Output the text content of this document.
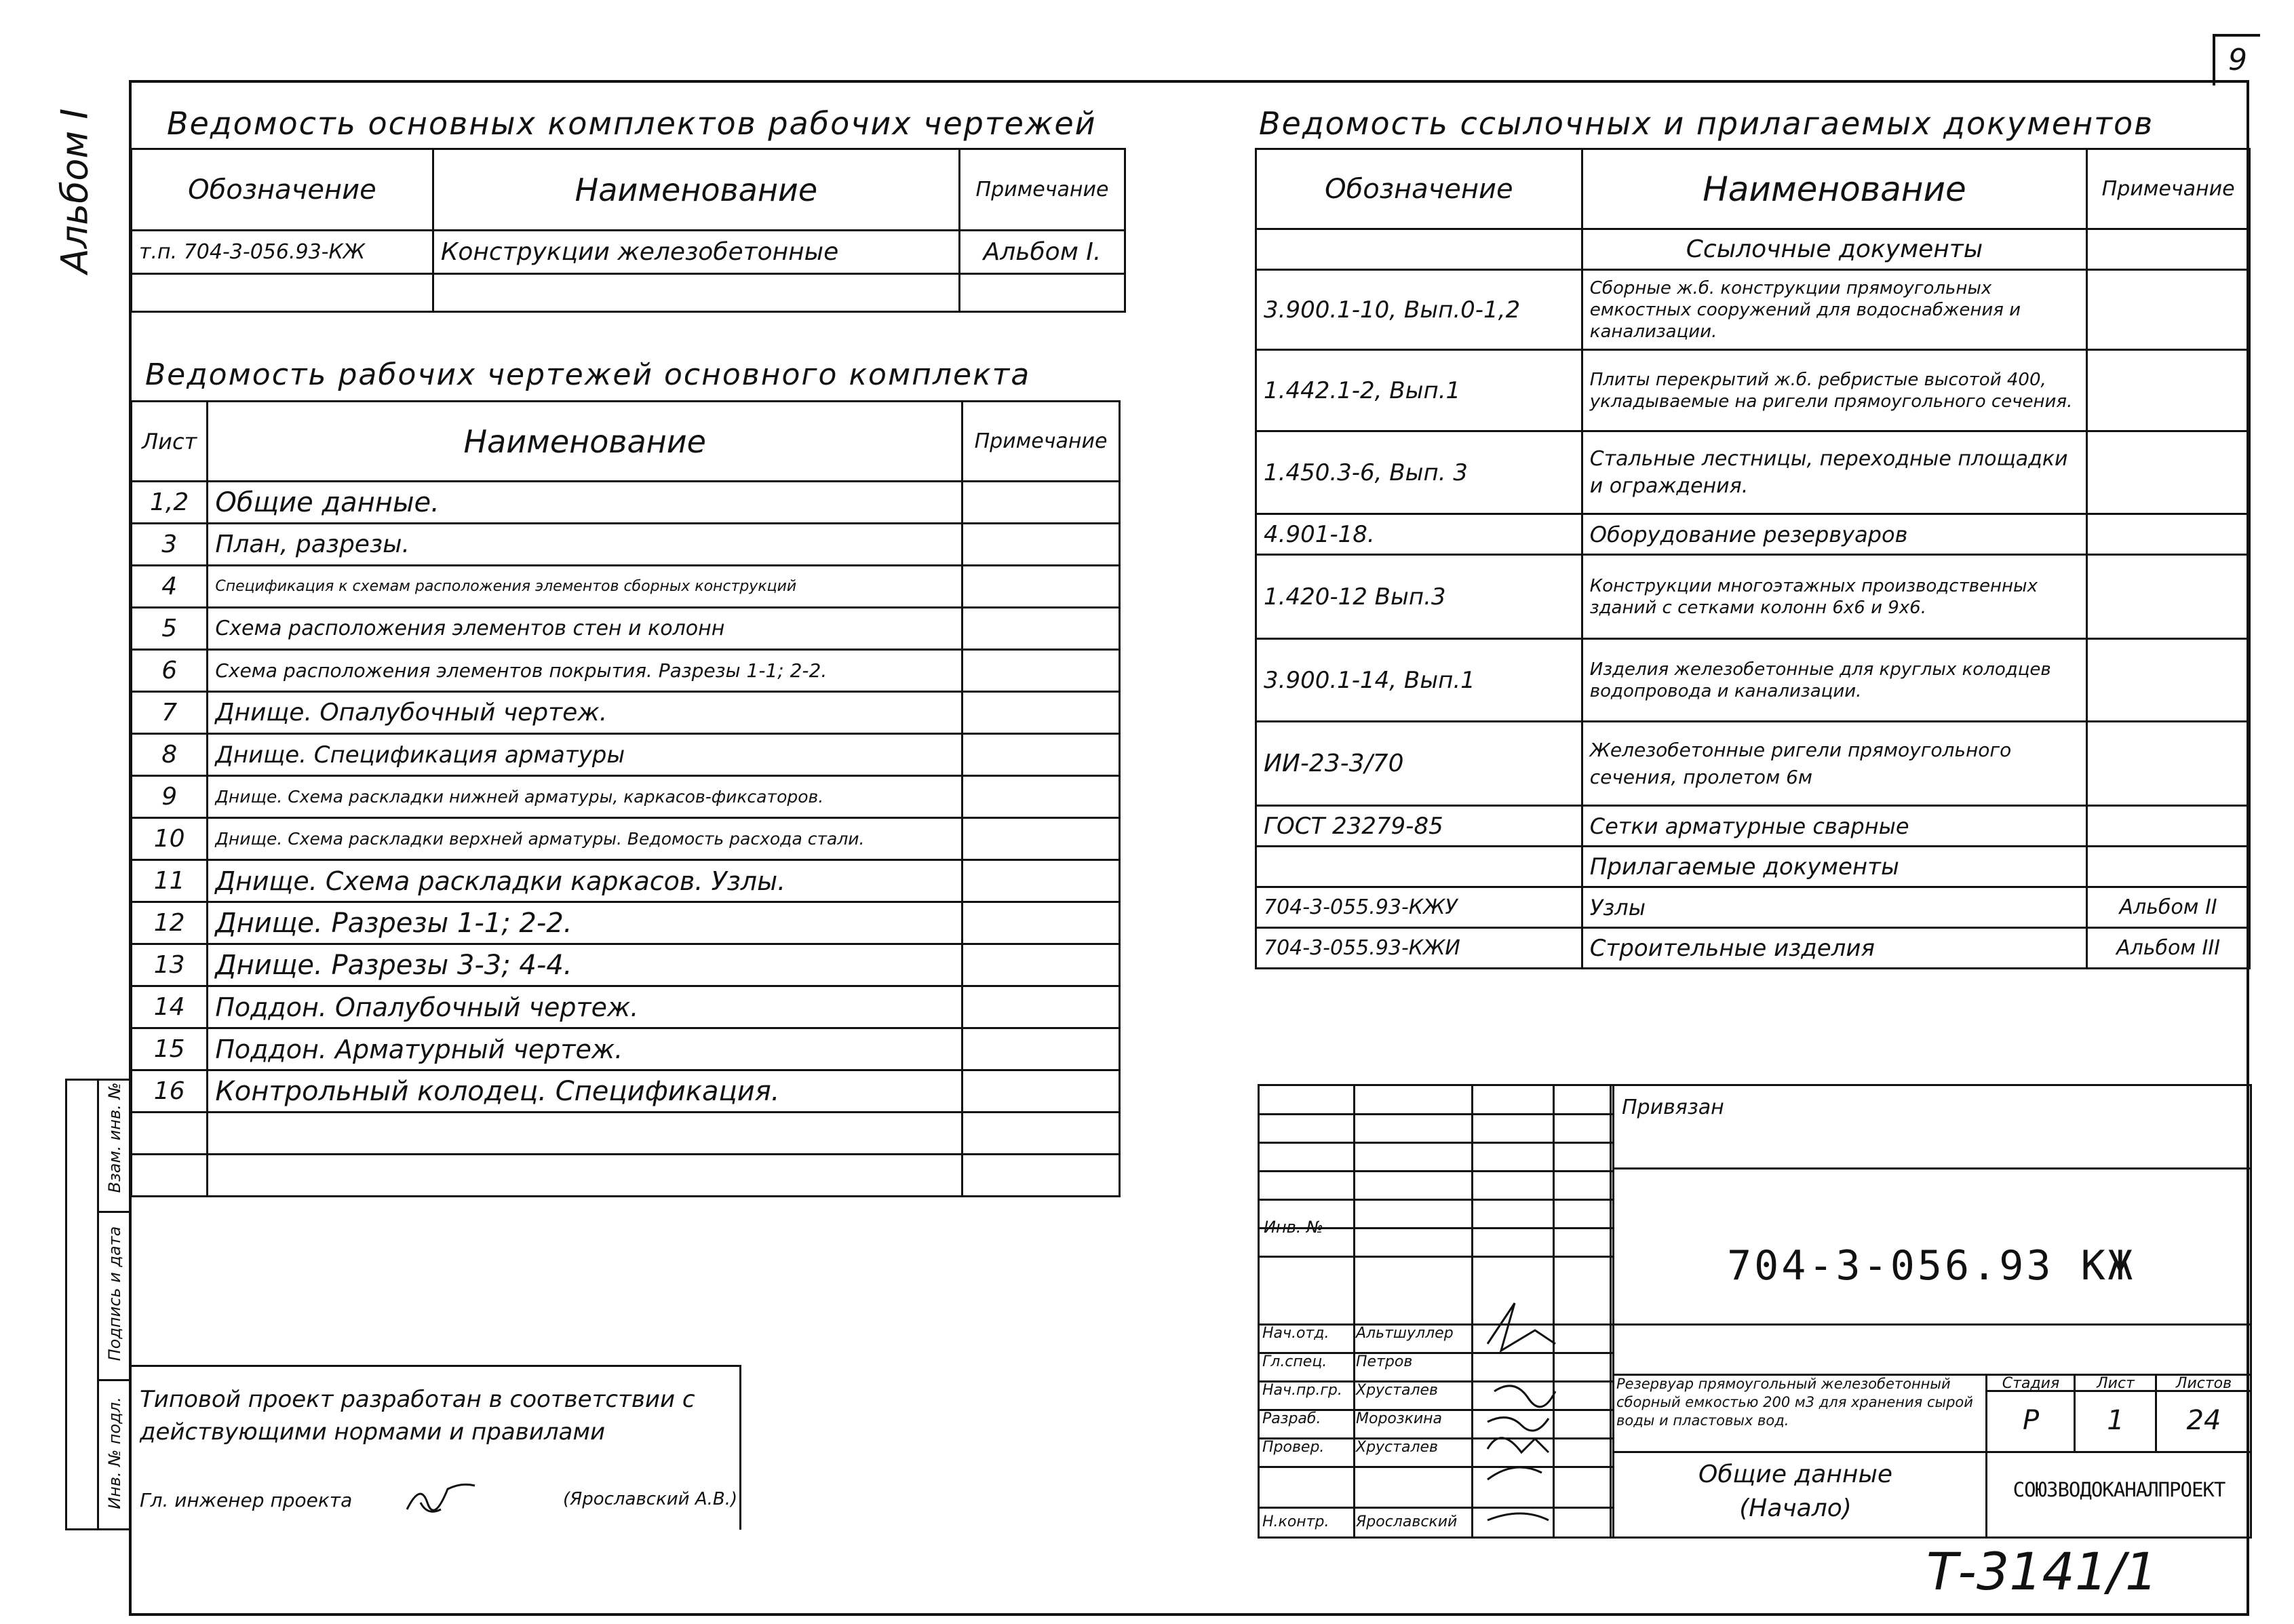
9
Альбом I Ведомость основных комплектов рабочих чертежей
Обозначение	Наименование	Примечание
т.п. 704-3-056.93-КЖ	Конструкции железобетонные	Альбом I.

Ведомость рабочих чертежей основного комплекта
Лист	Наименование	Примечание
1,2	Общие данные.	
3	План, разрезы.	
4	Спецификация к схемам расположения элементов сборных конструкций	
5	Схема расположения элементов стен и колонн	
6	Схема расположения элементов покрытия. Разрезы 1-1; 2-2.	
7	Днище. Опалубочный чертеж.	
8	Днище. Спецификация арматуры	
9	Днище. Схема раскладки нижней арматуры, каркасов-фиксаторов.	
10	Днище. Схема раскладки верхней арматуры. Ведомость расхода стали.	
11	Днище. Схема раскладки каркасов. Узлы.	
12	Днище. Разрезы 1-1; 2-2.	
13	Днище. Разрезы 3-3; 4-4.	
14	Поддон. Опалубочный чертеж.	
15	Поддон. Арматурный чертеж.	
16	Контрольный колодец. Спецификация.	

Взам. инв. №
Подпись и дата
Инв. № подл. Типовой проект разработан в соответствии с действующими нормами и правилами
Гл. инженер проекта	(Ярославский А.В.)
Ведомость ссылочных и прилагаемых документов
Обозначение	Наименование	Примечание
	Ссылочные документы	
3.900.1-10, Вып.0-1,2	Сборные ж.б. конструкции прямоугольных емкостных сооружений для водоснабжения и канализации.	
1.442.1-2, Вып.1	Плиты перекрытий ж.б. ребристые высотой 400, укладываемые на ригели прямоугольного сечения.	
1.450.3-6, Вып. 3	Стальные лестницы, переходные площадки и ограждения.	
4.901-18.	Оборудование резервуаров	
1.420-12 Вып.3	Конструкции многоэтажных производственных зданий с сетками колонн 6х6 и 9х6.	
3.900.1-14, Вып.1	Изделия железобетонные для круглых колодцев водопровода и канализации.	
ИИ-23-3/70	Железобетонные ригели прямоугольного сечения, пролетом 6м	
ГОСТ 23279-85	Сетки арматурные сварные	
	Прилагаемые документы	
704-3-055.93-КЖУ	Узлы	Альбом II
704-3-055.93-КЖИ	Строительные изделия	Альбом III
Привязан
Инв. №
704-3-056.93 КЖ
Нач.отд. Альтшуллер
Гл.спец. Петров
Нач.пр.гр. Хрусталев
Разраб. Морозкина
Провер. Хрусталев
Н.контр. Ярославский
Резервуар прямоугольный железобетонный сборный емкостью 200 м3 для хранения сырой воды и пластовых вод.
Стадия	Лист	Листов
Р	1	24
Общие данные (Начало)
СОЮЗВОДОКАНАЛПРОЕКТ
Т-3141/1
